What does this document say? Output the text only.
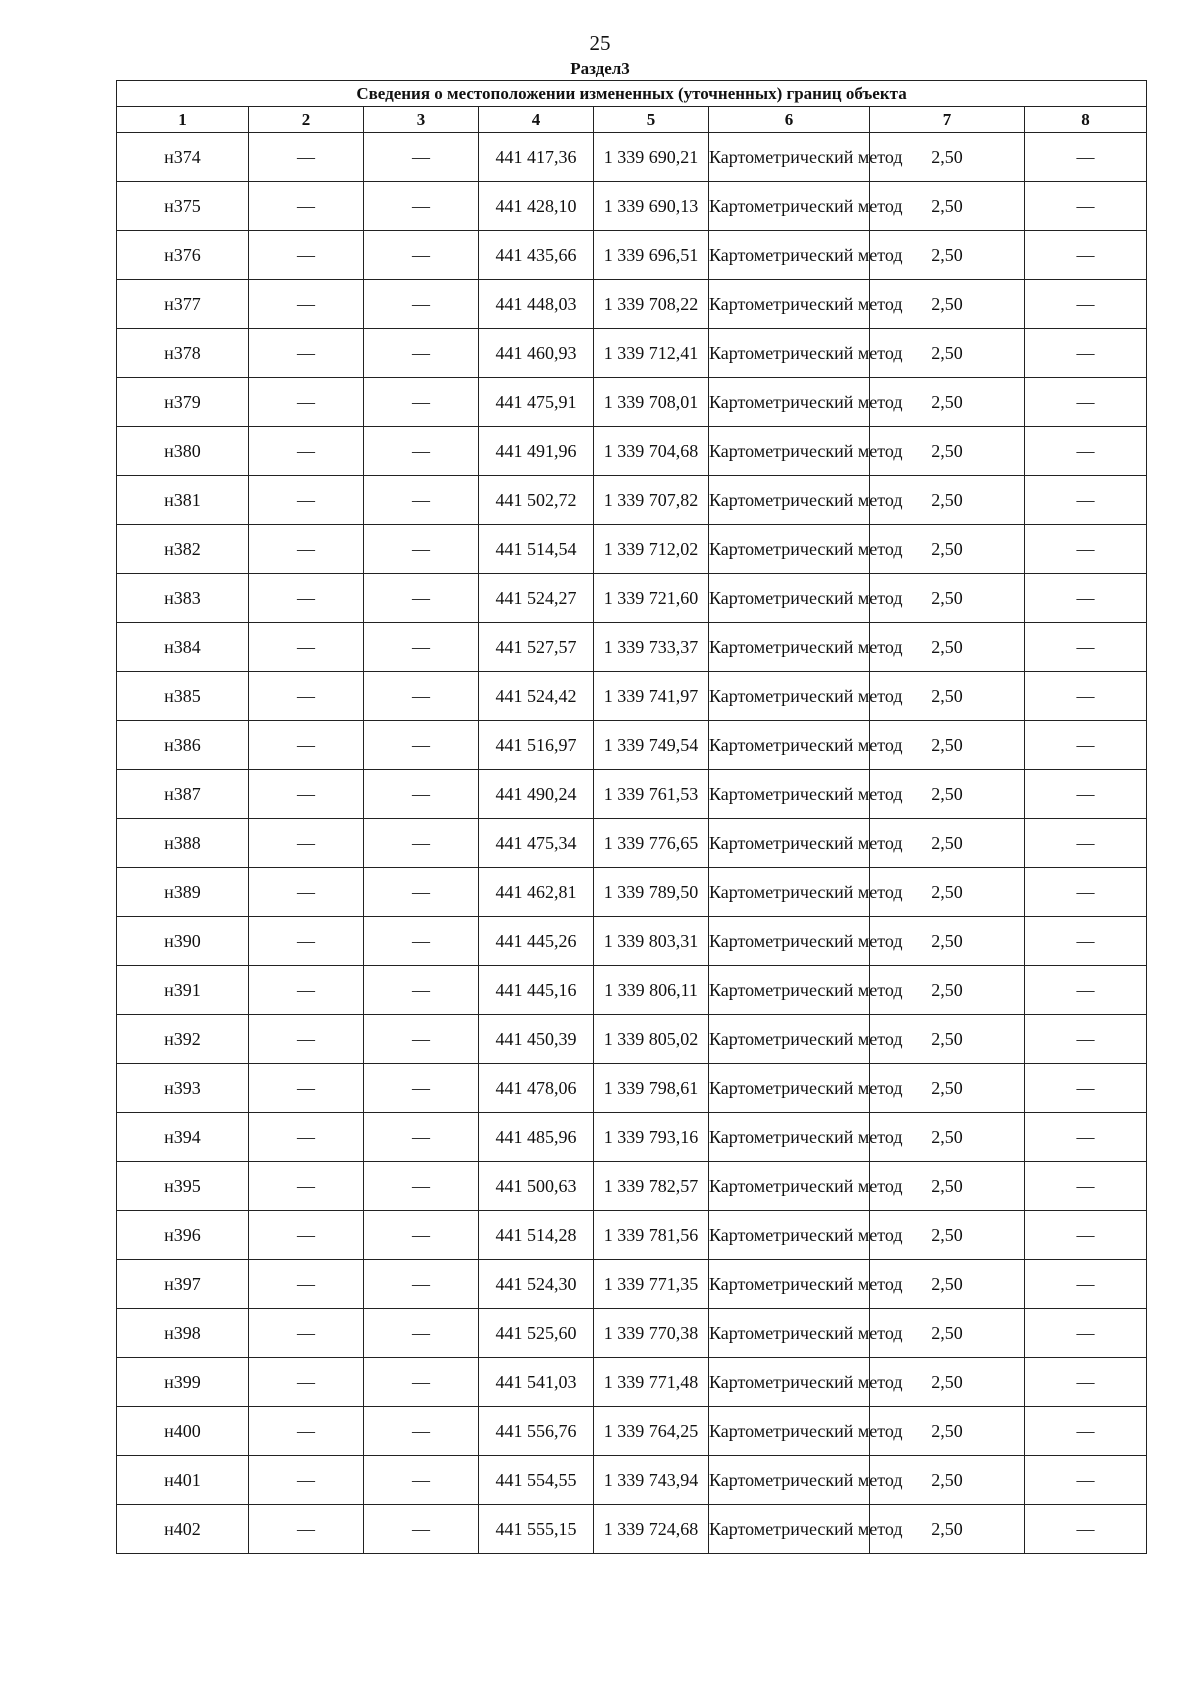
25
Раздел3
Сведения о местоположении измененных (уточненных) границ объекта							
1	2	3	4	5	6	7	8
н374	—	—	441 417,36	1 339 690,21	Картометрический метод	2,50	—
н375	—	—	441 428,10	1 339 690,13	Картометрический метод	2,50	—
н376	—	—	441 435,66	1 339 696,51	Картометрический метод	2,50	—
н377	—	—	441 448,03	1 339 708,22	Картометрический метод	2,50	—
н378	—	—	441 460,93	1 339 712,41	Картометрический метод	2,50	—
н379	—	—	441 475,91	1 339 708,01	Картометрический метод	2,50	—
н380	—	—	441 491,96	1 339 704,68	Картометрический метод	2,50	—
н381	—	—	441 502,72	1 339 707,82	Картометрический метод	2,50	—
н382	—	—	441 514,54	1 339 712,02	Картометрический метод	2,50	—
н383	—	—	441 524,27	1 339 721,60	Картометрический метод	2,50	—
н384	—	—	441 527,57	1 339 733,37	Картометрический метод	2,50	—
н385	—	—	441 524,42	1 339 741,97	Картометрический метод	2,50	—
н386	—	—	441 516,97	1 339 749,54	Картометрический метод	2,50	—
н387	—	—	441 490,24	1 339 761,53	Картометрический метод	2,50	—
н388	—	—	441 475,34	1 339 776,65	Картометрический метод	2,50	—
н389	—	—	441 462,81	1 339 789,50	Картометрический метод	2,50	—
н390	—	—	441 445,26	1 339 803,31	Картометрический метод	2,50	—
н391	—	—	441 445,16	1 339 806,11	Картометрический метод	2,50	—
н392	—	—	441 450,39	1 339 805,02	Картометрический метод	2,50	—
н393	—	—	441 478,06	1 339 798,61	Картометрический метод	2,50	—
н394	—	—	441 485,96	1 339 793,16	Картометрический метод	2,50	—
н395	—	—	441 500,63	1 339 782,57	Картометрический метод	2,50	—
н396	—	—	441 514,28	1 339 781,56	Картометрический метод	2,50	—
н397	—	—	441 524,30	1 339 771,35	Картометрический метод	2,50	—
н398	—	—	441 525,60	1 339 770,38	Картометрический метод	2,50	—
н399	—	—	441 541,03	1 339 771,48	Картометрический метод	2,50	—
н400	—	—	441 556,76	1 339 764,25	Картометрический метод	2,50	—
н401	—	—	441 554,55	1 339 743,94	Картометрический метод	2,50	—
н402	—	—	441 555,15	1 339 724,68	Картометрический метод	2,50	—
